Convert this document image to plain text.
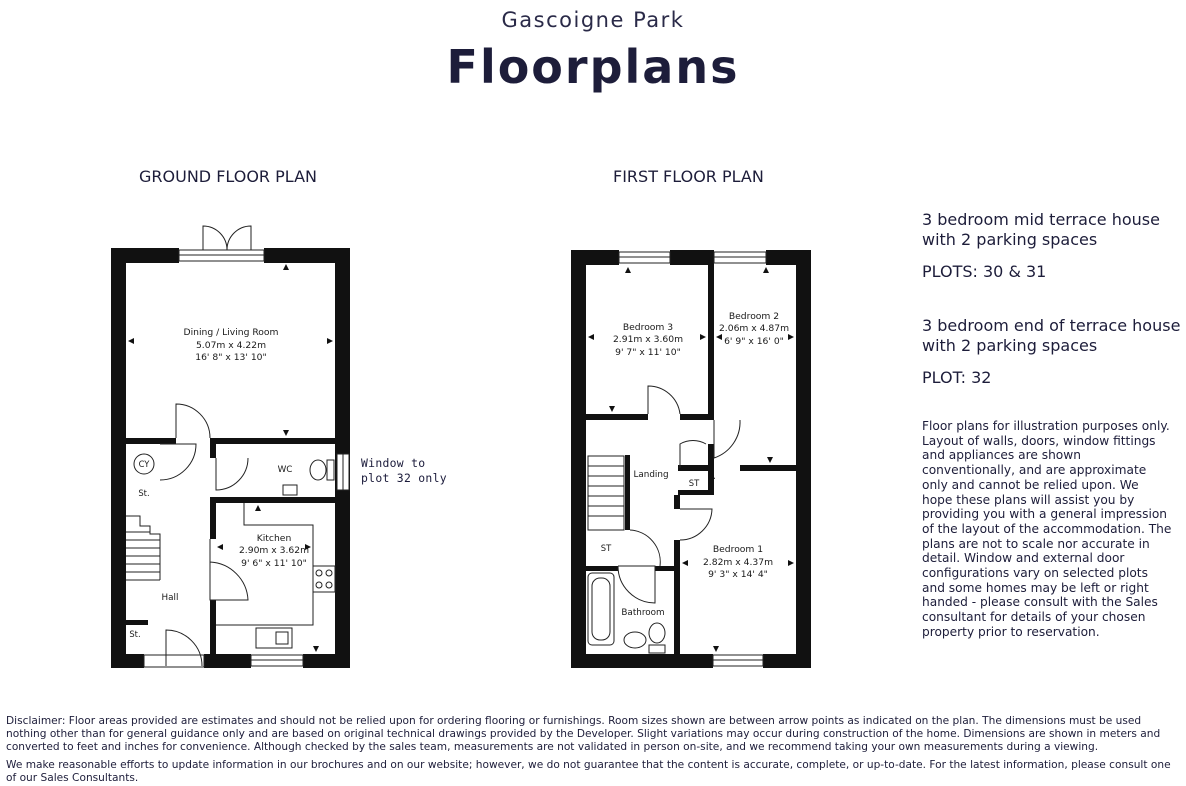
Gascoigne Park
Floorplans
GROUND FLOOR PLAN	FIRST FLOOR PLAN
Dining / Living Room
5.07m x 4.22m
16' 8" x 13' 10"
Kitchen
2.90m x 3.62m
9' 6" x 11' 10"
WC
Hall
CY
St.
St.
Window to
plot 32 only
Bedroom 3
2.91m x 3.60m
9' 7" x 11' 10"
Bedroom 2
2.06m x 4.87m
6' 9" x 16' 0"
Bedroom 1
2.82m x 4.37m
9' 3" x 14' 4"
Landing
Bathroom
ST
ST
3 bedroom mid terrace house
with 2 parking spaces
PLOTS: 30 & 31
3 bedroom end of terrace house
with 2 parking spaces
PLOT: 32
Floor plans for illustration purposes only. Layout of walls, doors, window fittings and appliances are shown conventionally, and are approximate only and cannot be relied upon. We hope these plans will assist you by providing you with a general impression of the layout of the accommodation. The plans are not to scale nor accurate in detail. Window and external door configurations vary on selected plots and some homes may be left or right handed - please consult with the Sales consultant for details of your chosen property prior to reservation.

Disclaimer: Floor areas provided are estimates and should not be relied upon for ordering flooring or furnishings. Room sizes shown are between arrow points as indicated on the plan. The dimensions must be used nothing other than for general guidance only and are based on original technical drawings provided by the Developer. Slight variations may occur during construction of the home. Dimensions are shown in meters and converted to feet and inches for convenience. Although checked by the sales team, measurements are not validated in person on-site, and we recommend taking your own measurements during a viewing.

We make reasonable efforts to update information in our brochures and on our website; however, we do not guarantee that the content is accurate, complete, or up-to-date. For the latest information, please consult one of our Sales Consultants.
